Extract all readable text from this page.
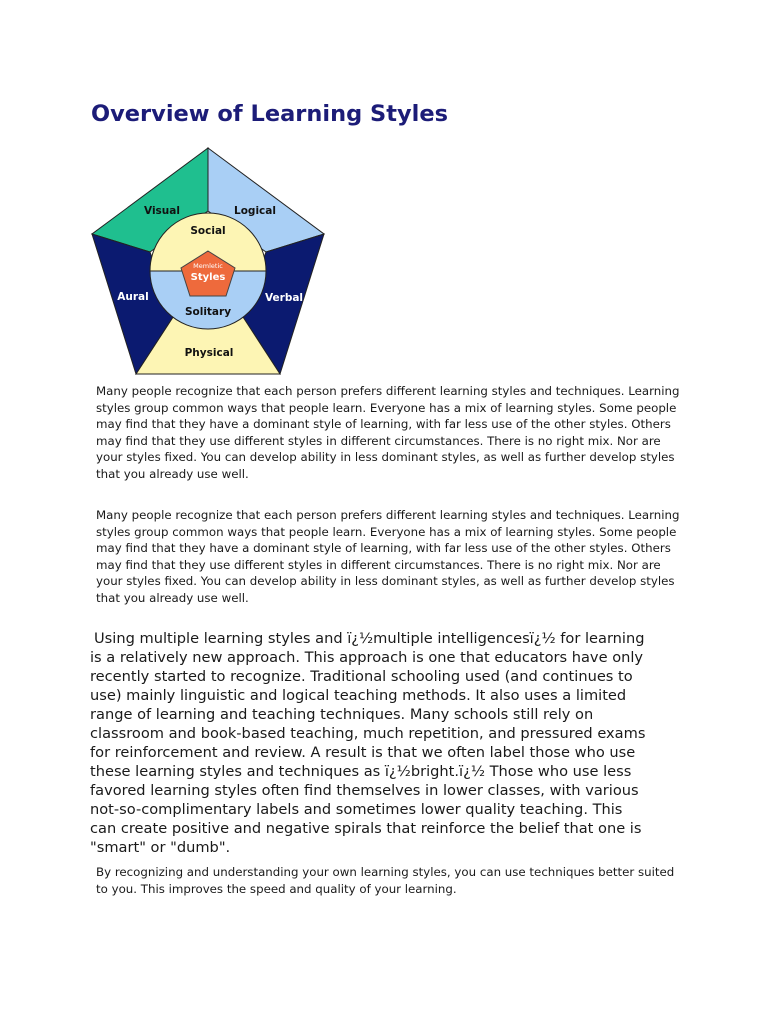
Overview of Learning Styles
Visual	Logical
Aural	Verbal
Physical
Social
Solitary
Memletic
Styles

Many people recognize that each person prefers different learning styles and techniques. Learning styles group common ways that people learn. Everyone has a mix of learning styles. Some people may find that they have a dominant style of learning, with far less use of the other styles. Others may find that they use different styles in different circumstances. There is no right mix. Nor are your styles fixed. You can develop ability in less dominant styles, as well as further develop styles that you already use well.

Many people recognize that each person prefers different learning styles and techniques. Learning styles group common ways that people learn. Everyone has a mix of learning styles. Some people may find that they have a dominant style of learning, with far less use of the other styles. Others may find that they use different styles in different circumstances. There is no right mix. Nor are your styles fixed. You can develop ability in less dominant styles, as well as further develop styles that you already use well.

Using multiple learning styles and ï¿½multiple intelligencesï¿½ for learning is a relatively new approach. This approach is one that educators have only recently started to recognize. Traditional schooling used (and continues to use) mainly linguistic and logical teaching methods. It also uses a limited range of learning and teaching techniques. Many schools still rely on classroom and book-based teaching, much repetition, and pressured exams for reinforcement and review. A result is that we often label those who use these learning styles and techniques as ï¿½bright.ï¿½ Those who use less favored learning styles often find themselves in lower classes, with various not-so-complimentary labels and sometimes lower quality teaching. This can create positive and negative spirals that reinforce the belief that one is "smart" or "dumb".

By recognizing and understanding your own learning styles, you can use techniques better suited to you. This improves the speed and quality of your learning.
